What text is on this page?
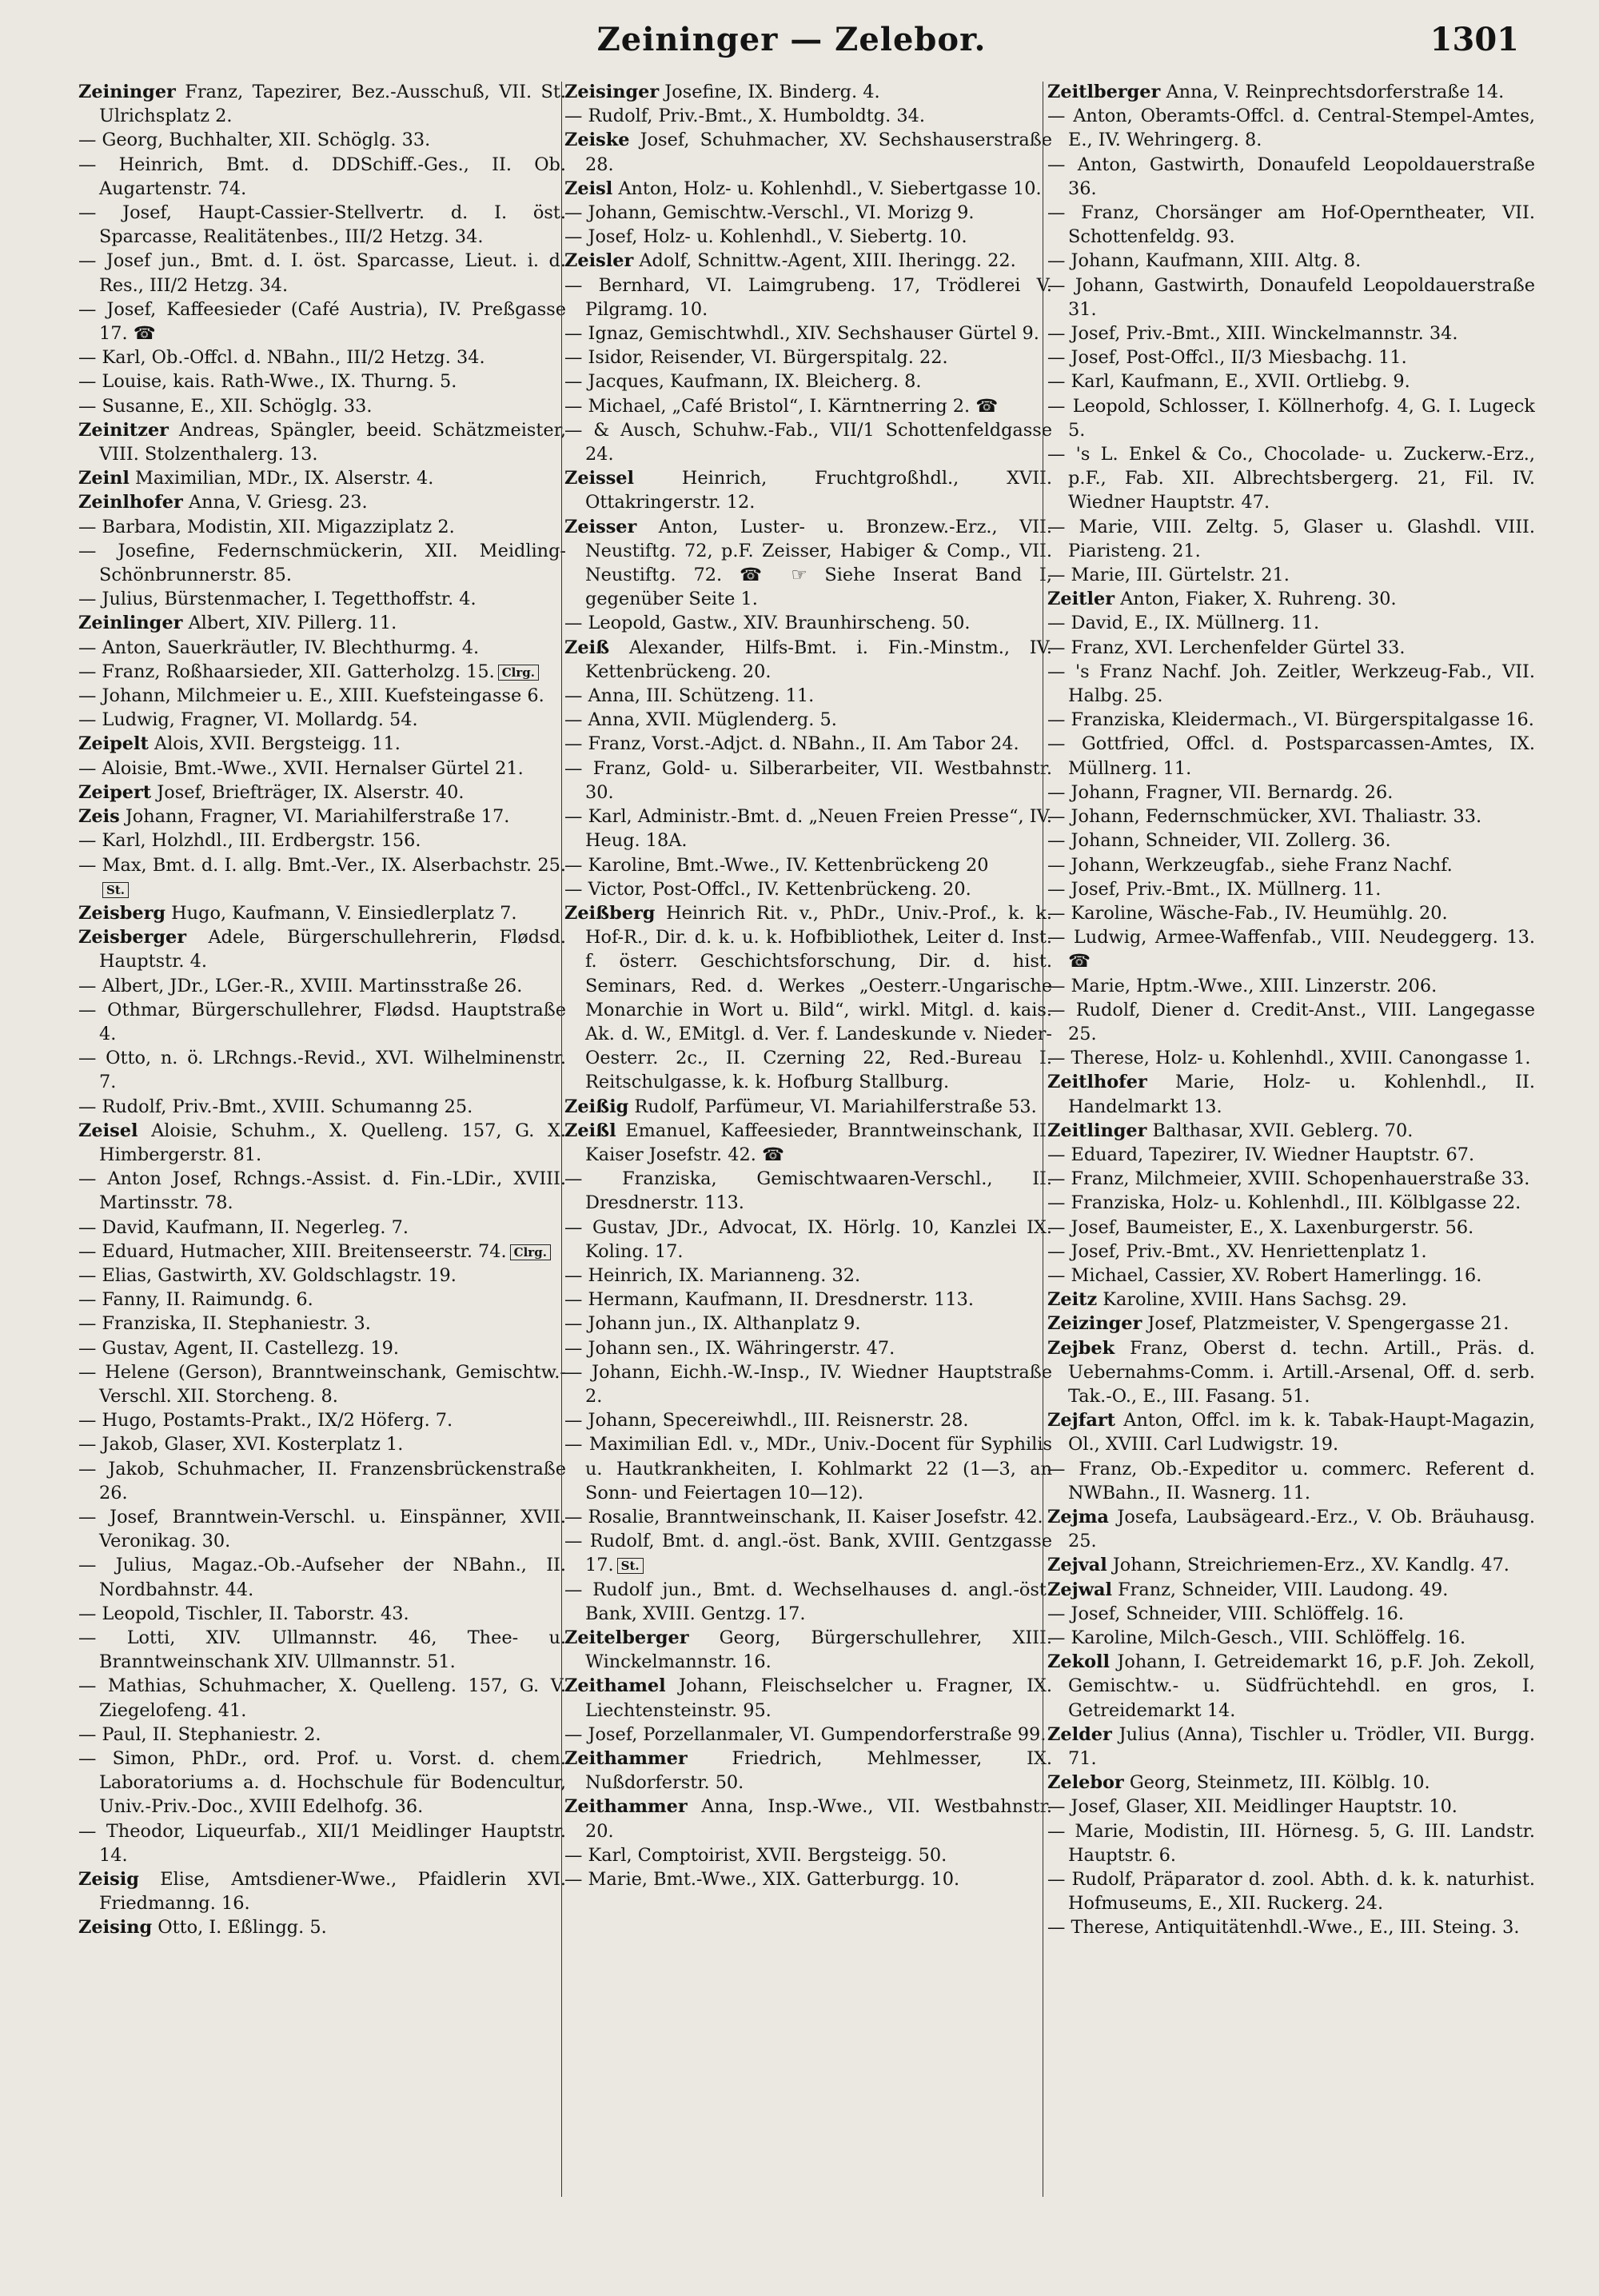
Zeininger — Zelebor.	1301

Zeininger Franz, Tapezirer, Bez.-Ausschuß, VII. St. Ulrichsplatz 2.

— Georg, Buchhalter, XII. Schöglg. 33.

— Heinrich, Bmt. d. DDSchiff.-Ges., II. Ob. Augartenstr. 74.

— Josef, Haupt-Cassier-Stellvertr. d. I. öst. Sparcasse, Realitätenbes., III/2 Hetzg. 34.

— Josef jun., Bmt. d. I. öst. Sparcasse, Lieut. i. d. Res., III/2 Hetzg. 34.

— Josef, Kaffeesieder (Café Austria), IV. Preßgasse 17. ☎

— Karl, Ob.-Offcl. d. NBahn., III/2 Hetzg. 34.

— Louise, kais. Rath-Wwe., IX. Thurng. 5.

— Susanne, E., XII. Schöglg. 33.

Zeinitzer Andreas, Spängler, beeid. Schätzmeister, VIII. Stolzenthalerg. 13.

Zeinl Maximilian, MDr., IX. Alserstr. 4.

Zeinlhofer Anna, V. Griesg. 23.

— Barbara, Modistin, XII. Migazziplatz 2.

— Josefine, Federnschmückerin, XII. Meidling-Schönbrunnerstr. 85.

— Julius, Bürstenmacher, I. Tegetthoffstr. 4.

Zeinlinger Albert, XIV. Pillerg. 11.

— Anton, Sauerkräutler, IV. Blechthurmg. 4.

— Franz, Roßhaarsieder, XII. Gatterholzg. 15. Clrg.

— Johann, Milchmeier u. E., XIII. Kuefsteingasse 6.

— Ludwig, Fragner, VI. Mollardg. 54.

Zeipelt Alois, XVII. Bergsteigg. 11.

— Aloisie, Bmt.-Wwe., XVII. Hernalser Gürtel 21.

Zeipert Josef, Briefträger, IX. Alserstr. 40.

Zeis Johann, Fragner, VI. Mariahilferstraße 17.

— Karl, Holzhdl., III. Erdbergstr. 156.

— Max, Bmt. d. I. allg. Bmt.-Ver., IX. Alserbachstr. 25.St.

Zeisberg Hugo, Kaufmann, V. Einsiedlerplatz 7.

Zeisberger Adele, Bürgerschullehrerin, Flødsd. Hauptstr. 4.

— Albert, JDr., LGer.-R., XVIII. Martinsstraße 26.

— Othmar, Bürgerschullehrer, Flødsd. Hauptstraße 4.

— Otto, n. ö. LRchngs.-Revid., XVI. Wilhelminenstr. 7.

— Rudolf, Priv.-Bmt., XVIII. Schumanng 25.

Zeisel Aloisie, Schuhm., X. Quelleng. 157, G. X. Himbergerstr. 81.

— Anton Josef, Rchngs.-Assist. d. Fin.-LDir., XVIII. Martinsstr. 78.

— David, Kaufmann, II. Negerleg. 7.

— Eduard, Hutmacher, XIII. Breitenseerstr. 74. Clrg.

— Elias, Gastwirth, XV. Goldschlagstr. 19.

— Fanny, II. Raimundg. 6.

— Franziska, II. Stephaniestr. 3.

— Gustav, Agent, II. Castellezg. 19.

— Helene (Gerson), Branntweinschank, Gemischtw.-Verschl. XII. Storcheng. 8.

— Hugo, Postamts-Prakt., IX/2 Höferg. 7.

— Jakob, Glaser, XVI. Kosterplatz 1.

— Jakob, Schuhmacher, II. Franzensbrückenstraße 26.

— Josef, Branntwein-Verschl. u. Einspänner, XVII. Veronikag. 30.

— Julius, Magaz.-Ob.-Aufseher der NBahn., II. Nordbahnstr. 44.

— Leopold, Tischler, II. Taborstr. 43.

— Lotti, XIV. Ullmannstr. 46, Thee- u. Branntweinschank XIV. Ullmannstr. 51.

— Mathias, Schuhmacher, X. Quelleng. 157, G. V. Ziegelofeng. 41.

— Paul, II. Stephaniestr. 2.

— Simon, PhDr., ord. Prof. u. Vorst. d. chem. Laboratoriums a. d. Hochschule für Bodencultur, Univ.-Priv.-Doc., XVIII Edelhofg. 36.

— Theodor, Liqueurfab., XII/1 Meidlinger Hauptstr. 14.

Zeisig Elise, Amtsdiener-Wwe., Pfaidlerin XVI. Friedmanng. 16.

Zeising Otto, I. Eßlingg. 5.

Zeisinger Josefine, IX. Binderg. 4.

— Rudolf, Priv.-Bmt., X. Humboldtg. 34.

Zeiske Josef, Schuhmacher, XV. Sechshauserstraße 28.

Zeisl Anton, Holz- u. Kohlenhdl., V. Siebertgasse 10.

— Johann, Gemischtw.-Verschl., VI. Morizg 9.

— Josef, Holz- u. Kohlenhdl., V. Siebertg. 10.

Zeisler Adolf, Schnittw.-Agent, XIII. Iheringg. 22.

— Bernhard, VI. Laimgrubeng. 17, Trödlerei V. Pilgramg. 10.

— Ignaz, Gemischtwhdl., XIV. Sechshauser Gürtel 9.

— Isidor, Reisender, VI. Bürgerspitalg. 22.

— Jacques, Kaufmann, IX. Bleicherg. 8.

— Michael, „Café Bristol“, I. Kärntnerring 2. ☎

— & Ausch, Schuhw.-Fab., VII/1 Schottenfeldgasse 24.

Zeissel Heinrich, Fruchtgroßhdl., XVII. Ottakringerstr. 12.

Zeisser Anton, Luster- u. Bronzew.-Erz., VII. Neustiftg. 72, p.F. Zeisser, Habiger & Comp., VII. Neustiftg. 72. ☎ ☞ Siehe Inserat Band I, gegenüber Seite 1.

— Leopold, Gastw., XIV. Braunhirscheng. 50.

Zeiß Alexander, Hilfs-Bmt. i. Fin.-Minstm., IV. Kettenbrückeng. 20.

— Anna, III. Schützeng. 11.

— Anna, XVII. Müglenderg. 5.

— Franz, Vorst.-Adjct. d. NBahn., II. Am Tabor 24.

— Franz, Gold- u. Silberarbeiter, VII. Westbahnstr. 30.

— Karl, Administr.-Bmt. d. „Neuen Freien Presse“, IV. Heug. 18A.

— Karoline, Bmt.-Wwe., IV. Kettenbrückeng 20

— Victor, Post-Offcl., IV. Kettenbrückeng. 20.

Zeißberg Heinrich Rit. v., PhDr., Univ.-Prof., k. k. Hof-R., Dir. d. k. u. k. Hofbibliothek, Leiter d. Inst. f. österr. Geschichtsforschung, Dir. d. hist. Seminars, Red. d. Werkes „Oesterr.-Ungarische Monarchie in Wort u. Bild“, wirkl. Mitgl. d. kais. Ak. d. W., EMitgl. d. Ver. f. Landeskunde v. Nieder-Oesterr. 2c., II. Czerning 22, Red.-Bureau I. Reitschulgasse, k. k. Hofburg Stallburg.

Zeißig Rudolf, Parfümeur, VI. Mariahilferstraße 53.

Zeißl Emanuel, Kaffeesieder, Branntweinschank, II. Kaiser Josefstr. 42. ☎

— Franziska, Gemischtwaaren-Verschl., II. Dresdnerstr. 113.

— Gustav, JDr., Advocat, IX. Hörlg. 10, Kanzlei IX. Koling. 17.

— Heinrich, IX. Marianneng. 32.

— Hermann, Kaufmann, II. Dresdnerstr. 113.

— Johann jun., IX. Althanplatz 9.

— Johann sen., IX. Währingerstr. 47.

— Johann, Eichh.-W.-Insp., IV. Wiedner Hauptstraße 2.

— Johann, Specereiwhdl., III. Reisnerstr. 28.

— Maximilian Edl. v., MDr., Univ.-Docent für Syphilis u. Hautkrankheiten, I. Kohlmarkt 22 (1—3, an Sonn- und Feiertagen 10—12).

— Rosalie, Branntweinschank, II. Kaiser Josefstr. 42.

— Rudolf, Bmt. d. angl.-öst. Bank, XVIII. Gentzgasse 17. St.

— Rudolf jun., Bmt. d. Wechselhauses d. angl.-öst. Bank, XVIII. Gentzg. 17.

Zeitelberger Georg, Bürgerschullehrer, XIII. Winckelmannstr. 16.

Zeithamel Johann, Fleischselcher u. Fragner, IX. Liechtensteinstr. 95.

— Josef, Porzellanmaler, VI. Gumpendorferstraße 99.

Zeithammer Friedrich, Mehlmesser, IX. Nußdorferstr. 50.

Zeithammer Anna, Insp.-Wwe., VII. Westbahnstr. 20.

— Karl, Comptoirist, XVII. Bergsteigg. 50.

— Marie, Bmt.-Wwe., XIX. Gatterburgg. 10.

Zeitlberger Anna, V. Reinprechtsdorferstraße 14.

— Anton, Oberamts-Offcl. d. Central-Stempel-Amtes, E., IV. Wehringerg. 8.

— Anton, Gastwirth, Donaufeld Leopoldauerstraße 36.

— Franz, Chorsänger am Hof-Operntheater, VII. Schottenfeldg. 93.

— Johann, Kaufmann, XIII. Altg. 8.

— Johann, Gastwirth, Donaufeld Leopoldauerstraße 31.

— Josef, Priv.-Bmt., XIII. Winckelmannstr. 34.

— Josef, Post-Offcl., II/3 Miesbachg. 11.

— Karl, Kaufmann, E., XVII. Ortliebg. 9.

— Leopold, Schlosser, I. Köllnerhofg. 4, G. I. Lugeck 5.

— 's L. Enkel & Co., Chocolade- u. Zuckerw.-Erz., p.F., Fab. XII. Albrechtsbergerg. 21, Fil. IV. Wiedner Hauptstr. 47.

— Marie, VIII. Zeltg. 5, Glaser u. Glashdl. VIII. Piaristeng. 21.

— Marie, III. Gürtelstr. 21.

Zeitler Anton, Fiaker, X. Ruhreng. 30.

— David, E., IX. Müllnerg. 11.

— Franz, XVI. Lerchenfelder Gürtel 33.

— 's Franz Nachf. Joh. Zeitler, Werkzeug-Fab., VII. Halbg. 25.

— Franziska, Kleidermach., VI. Bürgerspitalgasse 16.

— Gottfried, Offcl. d. Postsparcassen-Amtes, IX. Müllnerg. 11.

— Johann, Fragner, VII. Bernardg. 26.

— Johann, Federnschmücker, XVI. Thaliastr. 33.

— Johann, Schneider, VII. Zollerg. 36.

— Johann, Werkzeugfab., siehe Franz Nachf.

— Josef, Priv.-Bmt., IX. Müllnerg. 11.

— Karoline, Wäsche-Fab., IV. Heumühlg. 20.

— Ludwig, Armee-Waffenfab., VIII. Neudeggerg. 13. ☎

— Marie, Hptm.-Wwe., XIII. Linzerstr. 206.

— Rudolf, Diener d. Credit-Anst., VIII. Langegasse 25.

— Therese, Holz- u. Kohlenhdl., XVIII. Canongasse 1.

Zeitlhofer Marie, Holz- u. Kohlenhdl., II. Handelmarkt 13.

Zeitlinger Balthasar, XVII. Geblerg. 70.

— Eduard, Tapezirer, IV. Wiedner Hauptstr. 67.

— Franz, Milchmeier, XVIII. Schopenhauerstraße 33.

— Franziska, Holz- u. Kohlenhdl., III. Kölblgasse 22.

— Josef, Baumeister, E., X. Laxenburgerstr. 56.

— Josef, Priv.-Bmt., XV. Henriettenplatz 1.

— Michael, Cassier, XV. Robert Hamerlingg. 16.

Zeitz Karoline, XVIII. Hans Sachsg. 29.

Zeizinger Josef, Platzmeister, V. Spengergasse 21.

Zejbek Franz, Oberst d. techn. Artill., Präs. d. Uebernahms-Comm. i. Artill.-Arsenal, Off. d. serb. Tak.-O., E., III. Fasang. 51.

Zejfart Anton, Offcl. im k. k. Tabak-Haupt-Magazin, Ol., XVIII. Carl Ludwigstr. 19.

— Franz, Ob.-Expeditor u. commerc. Referent d. NWBahn., II. Wasnerg. 11.

Zejma Josefa, Laubsägeard.-Erz., V. Ob. Bräuhausg. 25.

Zejval Johann, Streichriemen-Erz., XV. Kandlg. 47.

Zejwal Franz, Schneider, VIII. Laudong. 49.

— Josef, Schneider, VIII. Schlöffelg. 16.

— Karoline, Milch-Gesch., VIII. Schlöffelg. 16.

Zekoll Johann, I. Getreidemarkt 16, p.F. Joh. Zekoll, Gemischtw.- u. Südfrüchtehdl. en gros, I. Getreidemarkt 14.

Zelder Julius (Anna), Tischler u. Trödler, VII. Burgg. 71.

Zelebor Georg, Steinmetz, III. Kölblg. 10.

— Josef, Glaser, XII. Meidlinger Hauptstr. 10.

— Marie, Modistin, III. Hörnesg. 5, G. III. Landstr. Hauptstr. 6.

— Rudolf, Präparator d. zool. Abth. d. k. k. naturhist. Hofmuseums, E., XII. Ruckerg. 24.

— Therese, Antiquitätenhdl.-Wwe., E., III. Steing. 3.
